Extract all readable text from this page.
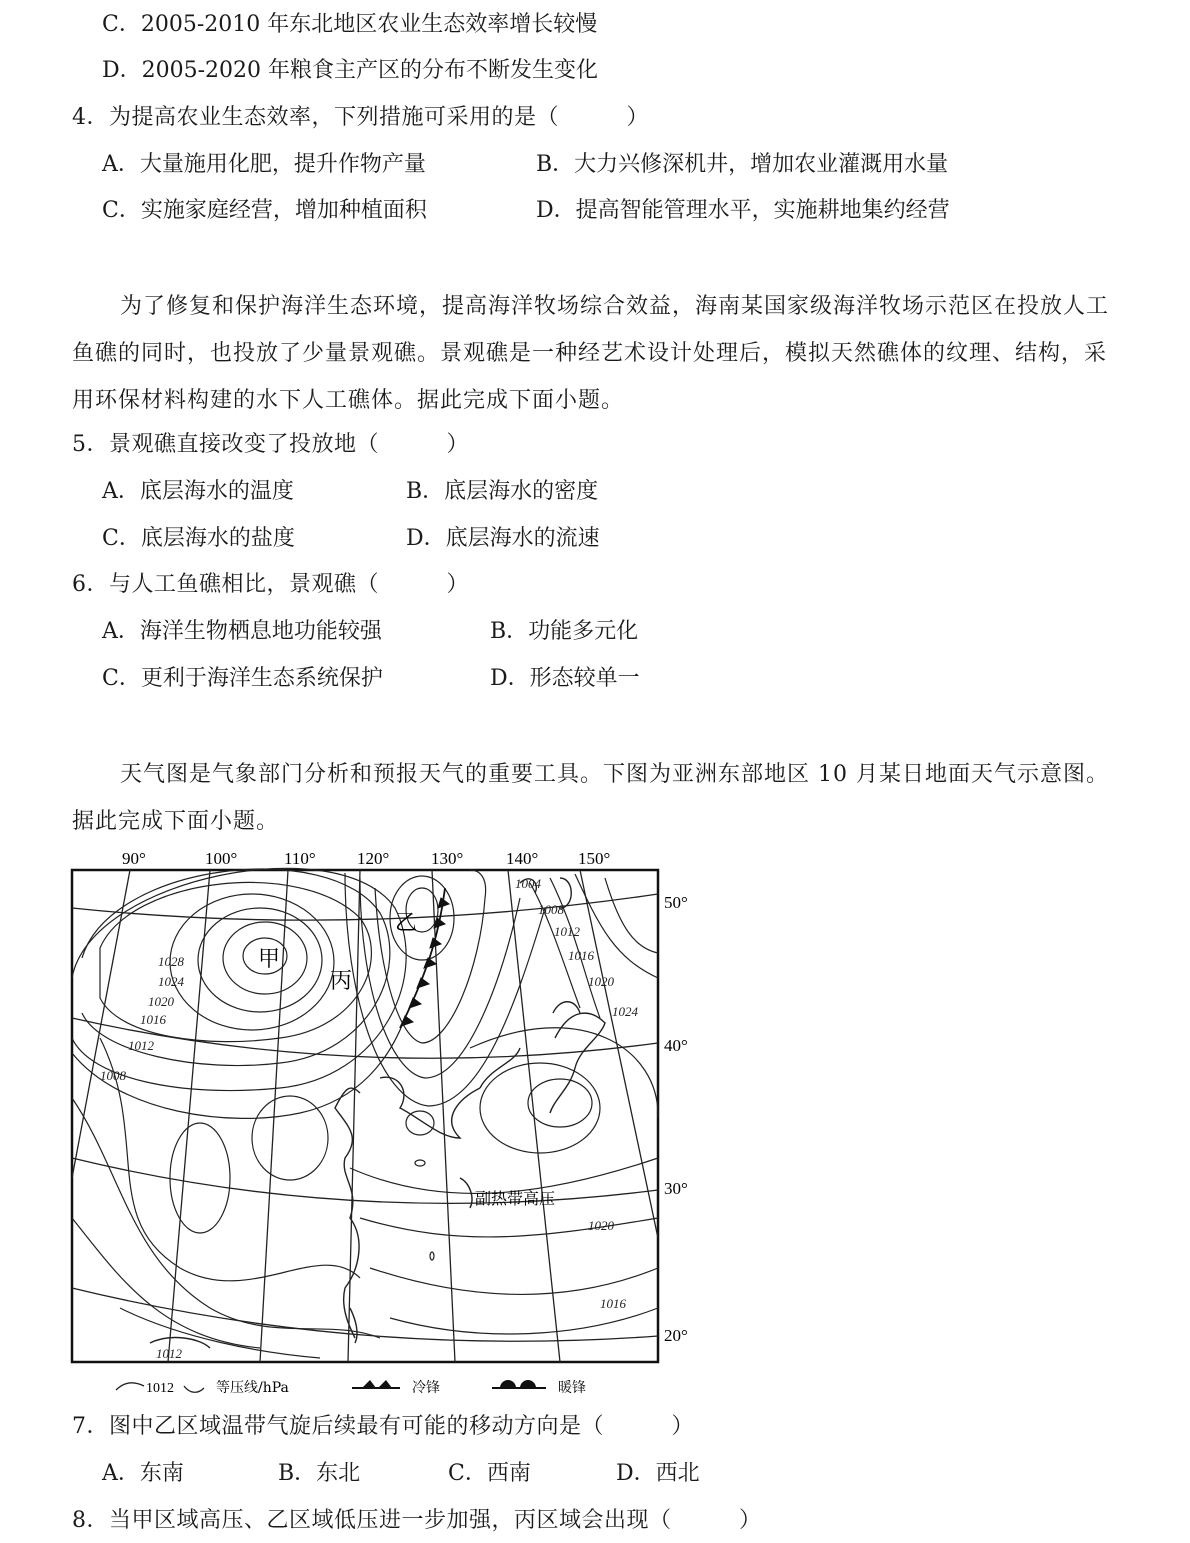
C．2005-2010 年东北地区农业生态效率增长较慢
D．2005-2020 年粮食主产区的分布不断发生变化
4．为提高农业生态效率，下列措施可采用的是（　　　）
A．大量施用化肥，提升作物产量	B．大力兴修深机井，增加农业灌溉用水量
C．实施家庭经营，增加种植面积	D．提高智能管理水平，实施耕地集约经营
为了修复和保护海洋生态环境，提高海洋牧场综合效益，海南某国家级海洋牧场示范区在投放人工鱼礁的同时，也投放了少量景观礁。景观礁是一种经艺术设计处理后，模拟天然礁体的纹理、结构，采用环保材料构建的水下人工礁体。据此完成下面小题。
5．景观礁直接改变了投放地（　　　）
A．底层海水的温度	B．底层海水的密度
C．底层海水的盐度	D．底层海水的流速
6．与人工鱼礁相比，景观礁（　　　）
A．海洋生物栖息地功能较强	B．功能多元化
C．更利于海洋生态系统保护	D．形态较单一
天气图是气象部门分析和预报天气的重要工具。下图为亚洲东部地区 10 月某日地面天气示意图。据此完成下面小题。
90°	100°	110° 120° 130°	140° 150°
甲
乙
丙
1028
1024
1020
1016
1012
1008
1004
1008
1012
1016
1020
1024
1020
1016
1012
副热带高压
50°
40°
30°
20°
1012	等压线/hPa	冷锋	暖锋
7．图中乙区域温带气旋后续最有可能的移动方向是（　　　）
A．东南	B．东北	C．西南	D．西北
8．当甲区域高压、乙区域低压进一步加强，丙区域会出现（　　　）
